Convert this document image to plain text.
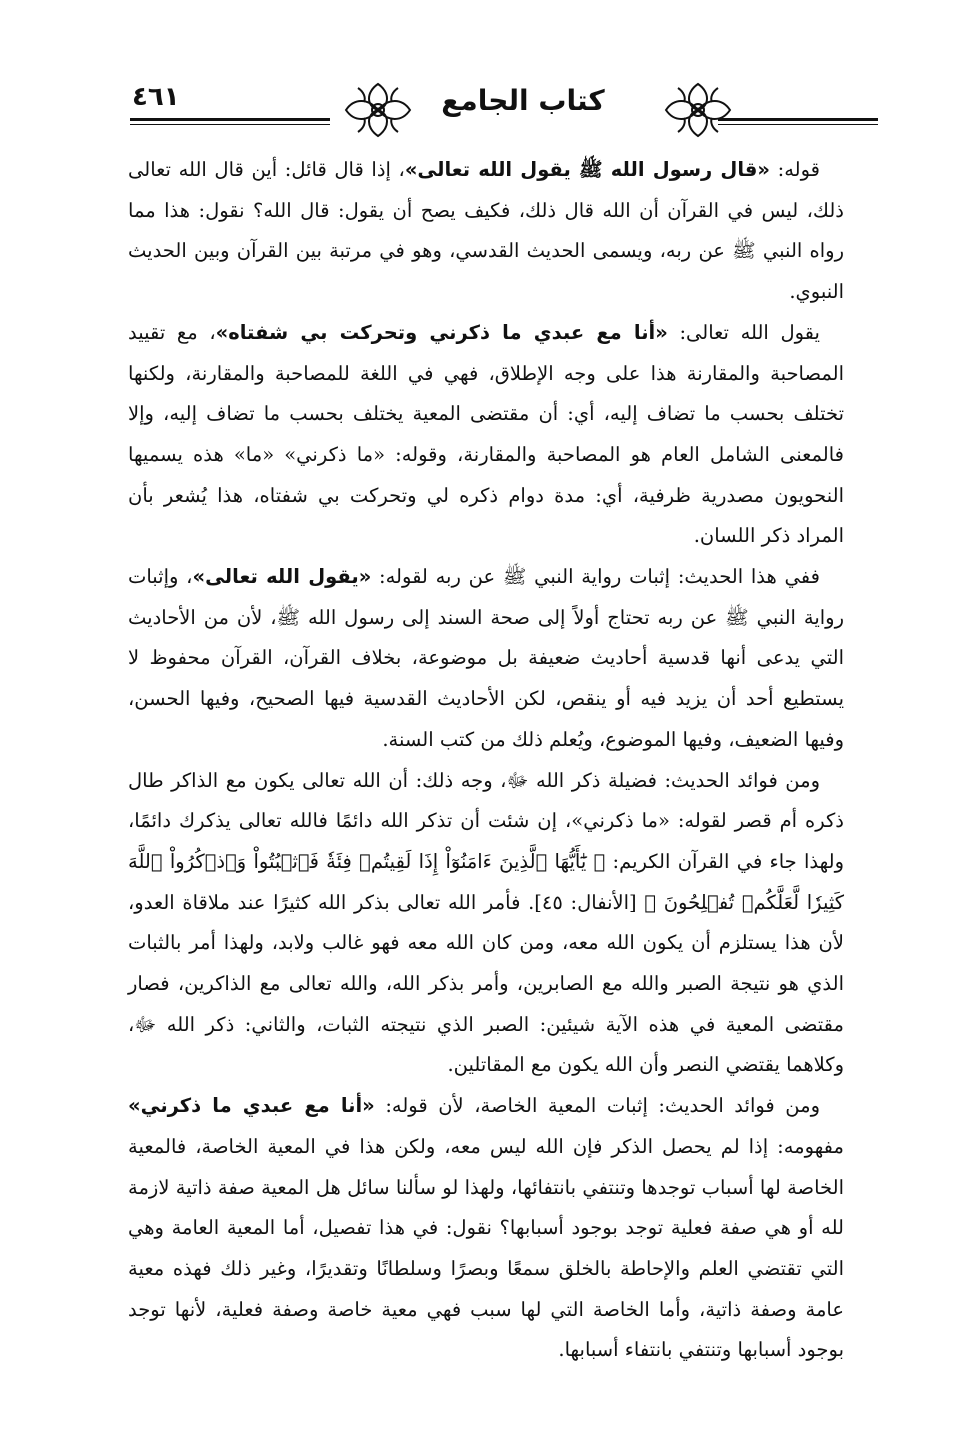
٤٦١	كتاب الجامع

قوله: «قال رسول الله ﷺ يقول الله تعالى»، إذا قال قائل: أين قال الله تعالى ذلك، ليس في القرآن أن الله قال ذلك، فكيف يصح أن يقول: قال الله؟ نقول: هذا مما رواه النبي ﷺ عن ربه، ويسمى الحديث القدسي، وهو في مرتبة بين القرآن وبين الحديث النبوي.

يقول الله تعالى: «أنا مع عبدي ما ذكرني وتحركت بي شفتاه»، مع تقييد المصاحبة والمقارنة هذا على وجه الإطلاق، فهي في اللغة للمصاحبة والمقارنة، ولكنها تختلف بحسب ما تضاف إليه، أي: أن مقتضى المعية يختلف بحسب ما تضاف إليه، وإلا فالمعنى الشامل العام هو المصاحبة والمقارنة، وقوله: «ما ذكرني» «ما» هذه يسميها النحويون مصدرية ظرفية، أي: مدة دوام ذكره لي وتحركت بي شفتاه، هذا يُشعر بأن المراد ذكر اللسان.

ففي هذا الحديث: إثبات رواية النبي ﷺ عن ربه لقوله: «يقول الله تعالى»، وإثبات رواية النبي ﷺ عن ربه تحتاج أولاً إلى صحة السند إلى رسول الله ﷺ، لأن من الأحاديث التي يدعى أنها قدسية أحاديث ضعيفة بل موضوعة، بخلاف القرآن، القرآن محفوظ لا يستطيع أحد أن يزيد فيه أو ينقص، لكن الأحاديث القدسية فيها الصحيح، وفيها الحسن، وفيها الضعيف، وفيها الموضوع، ويُعلم ذلك من كتب السنة.

ومن فوائد الحديث: فضيلة ذكر الله ﷻ، وجه ذلك: أن الله تعالى يكون مع الذاكر طال ذكره أم قصر لقوله: «ما ذكرني»، إن شئت أن تذكر الله دائمًا فالله تعالى يذكرك دائمًا، ولهذا جاء في القرآن الكريم: ﴿ يَٰٓأَيُّهَا ٱلَّذِينَ ءَامَنُوٓاْ إِذَا لَقِيتُمۡ فِئَةٗ فَٱثۡبُتُواْ وَٱذۡكُرُواْ ٱللَّهَ كَثِيرٗا لَّعَلَّكُمۡ تُفۡلِحُونَ ﴾ [الأنفال: ٤٥]. فأمر الله تعالى بذكر الله كثيرًا عند ملاقاة العدو، لأن هذا يستلزم أن يكون الله معه، ومن كان الله معه فهو غالب ولابد، ولهذا أمر بالثبات الذي هو نتيجة الصبر والله مع الصابرين، وأمر بذكر الله، والله تعالى مع الذاكرين، فصار مقتضى المعية في هذه الآية شيئين: الصبر الذي نتيجته الثبات، والثاني: ذكر الله ﷻ، وكلاهما يقتضي النصر وأن الله يكون مع المقاتلين.

ومن فوائد الحديث: إثبات المعية الخاصة، لأن قوله: «أنا مع عبدي ما ذكرني» مفهومه: إذا لم يحصل الذكر فإن الله ليس معه، ولكن هذا في المعية الخاصة، فالمعية الخاصة لها أسباب توجدها وتنتفي بانتفائها، ولهذا لو سألنا سائل هل المعية صفة ذاتية لازمة لله أو هي صفة فعلية توجد بوجود أسبابها؟ نقول: في هذا تفصيل، أما المعية العامة وهي التي تقتضي العلم والإحاطة بالخلق سمعًا وبصرًا وسلطانًا وتقديرًا، وغير ذلك فهذه معية عامة وصفة ذاتية، وأما الخاصة التي لها سبب فهي معية خاصة وصفة فعلية، لأنها توجد بوجود أسبابها وتنتفي بانتفاء أسبابها.
